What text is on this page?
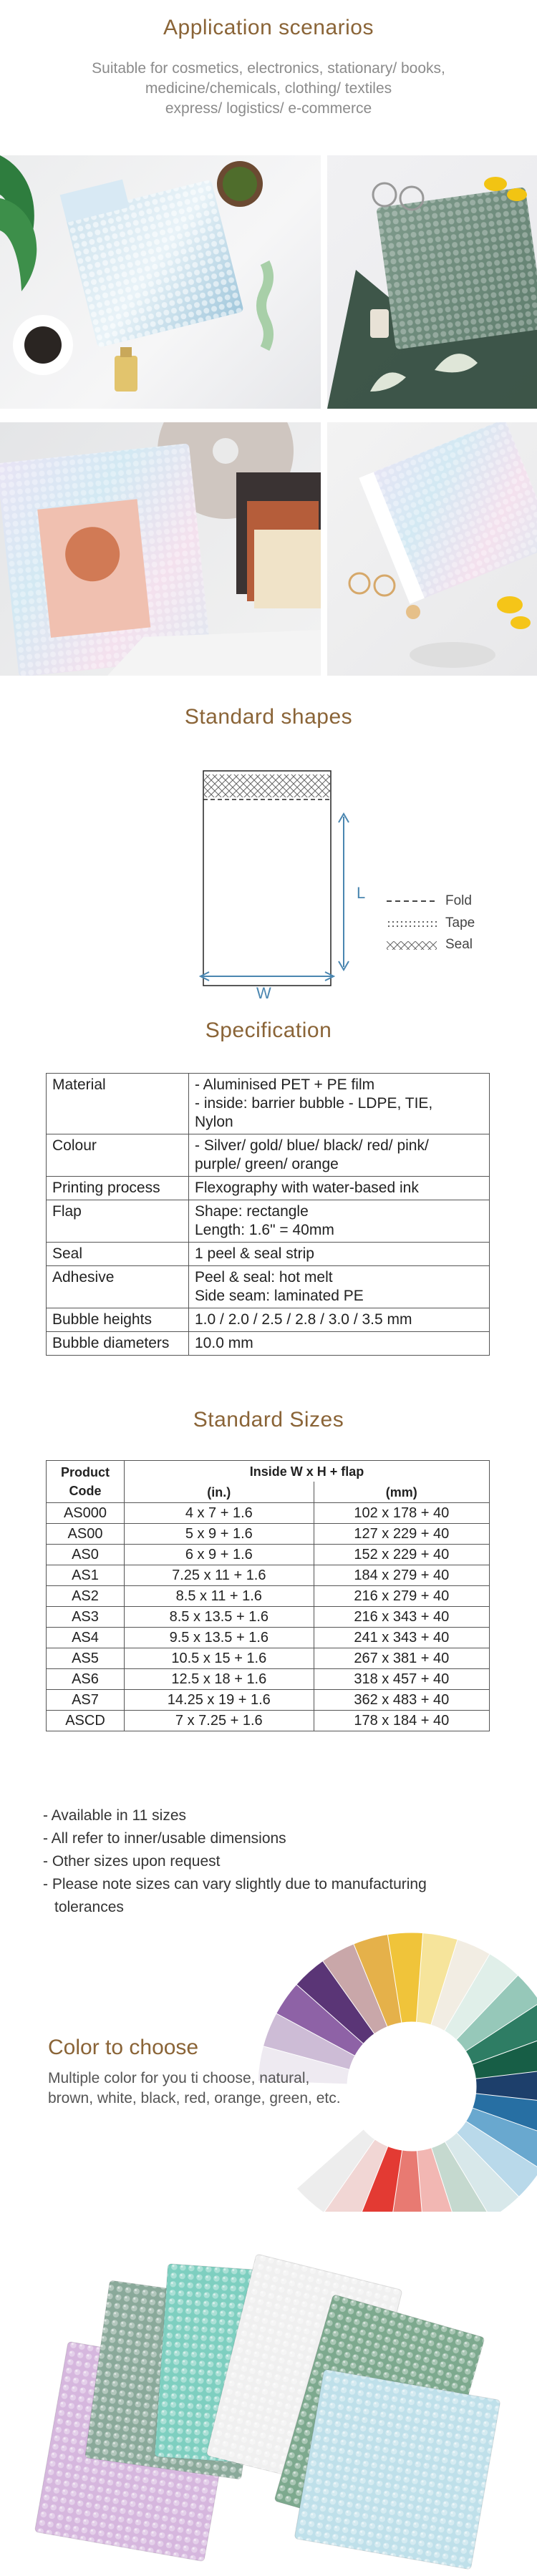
Application scenarios
Suitable for cosmetics, electronics, stationary/ books,
medicine/chemicals, clothing/ textiles
express/ logistics/ e-commerce
Standard shapes
L
W
Fold
Tape
Seal
Specification
Material	- Aluminised PET + PE film
- inside: barrier bubble - LDPE, TIE,
Nylon

Colour	- Silver/ gold/ blue/ black/ red/ pink/
purple/ green/ orange

Printing process	Flexography with water-based ink

Flap	Shape: rectangle
Length: 1.6" = 40mm

Seal	1 peel & seal strip

Adhesive	Peel & seal: hot melt
Side seam: laminated PE

Bubble heights	1.0 / 2.0 / 2.5 / 2.8 / 3.0 / 3.5 mm

Bubble diameters	10.0 mm
Standard Sizes
Product Code	Inside W x H + flap	
	(in.)	(mm)
AS000	4 x 7 + 1.6	102 x 178 + 40
AS00	5 x 9 + 1.6	127 x 229 + 40
AS0	6 x 9 + 1.6	152 x 229 + 40
AS1	7.25 x 11 + 1.6	184 x 279 + 40
AS2	8.5 x 11 + 1.6	216 x 279 + 40
AS3	8.5 x 13.5 + 1.6	216 x 343 + 40
AS4	9.5 x 13.5 + 1.6	241 x 343 + 40
AS5	10.5 x 15 + 1.6	267 x 381 + 40
AS6	12.5 x 18 + 1.6	318 x 457 + 40
AS7	14.25 x 19 + 1.6	362 x 483 + 40
ASCD	7 x 7.25 + 1.6	178 x 184 + 40
- Available in 11 sizes
- All refer to inner/usable dimensions
- Other sizes upon request
- Please note sizes can vary slightly due to manufacturing
tolerances
Color to choose
Multiple color for you ti choose, natural,
brown, white, black, red, orange, green, etc.
